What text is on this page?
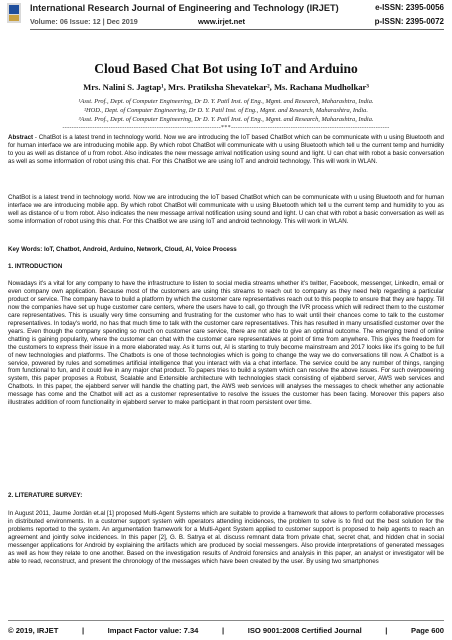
International Research Journal of Engineering and Technology (IRJET)	e-ISSN: 2395-0056
Volume: 06 Issue: 12 | Dec 2019	www.irjet.net	p-ISSN: 2395-0072
Cloud Based Chat Bot using IoT and Arduino
Mrs. Nalini S. Jagtap¹, Mrs. Pratiksha Shevatekar², Ms. Rachana Mudholkar³
¹Asst. Prof., Dept. of Computer Engineering, Dr D. Y. Patil Inst. of Eng., Mgmt. and Research, Maharashtra, India.
²HOD., Dept. of Computer Engineering, Dr D. Y. Patil Inst. of Eng., Mgmt. and Research, Maharashtra, India.
³Asst. Prof., Dept. of Computer Engineering, Dr D. Y. Patil Inst. of Eng., Mgmt. and Research, Maharashtra, India.
---------------------------------------------------------------------***---------------------------------------------------------------------
Abstract - ChatBot is a latest trend in technology world. Now we are introducing the IoT based ChatBot which can be communicate with u using Bluetooth and for human interface we are introducing mobile app. By which robot ChatBot will communicate with u using Bluetooth which tell u the current temp and humidity to you as well as distance of u from robot. Also indicates the new message arrival notification using sound and light. U can chat with robot a basic conversation as well as some information of robot using this chat. For this ChatBot we are using IoT and android technology. This will work in WLAN.
ChatBot is a latest trend in technology world. Now we are introducing the IoT based ChatBot which can be communicate with u using Bluetooth and for human interface we are introducing mobile app. By which robot ChatBot will communicate with u using Bluetooth which tell u the current temp and humidity to you as well as distance of u from robot. Also indicates the new message arrival notification using sound and light. U can chat with robot a basic conversation as well as some information of robot using this chat. For this ChatBot we are using IoT and android technology. This will work in WLAN.
Key Words: IoT, Chatbot, Android, Arduino, Network, Cloud, AI, Voice Process
1. INTRODUCTION
Nowadays it's a vital for any company to have the infrastructure to listen to social media streams whether it's twitter, Facebook, messenger, LinkedIn, email or even company own application. Because most of the customers are using this streams to reach out to company as they need help regarding a particular product or service. The company have to build a platform by which the customer care representatives reach out to this people to ensure that they are happy. Till now the companies have set up huge customer care centers, where the users have to call, go through the IVR process which will redirect them to the customer care representatives. This is usually very time consuming and frustrating for the customer who has to wait until their chances come to talk to the customer representatives. In today's world, no has that much time to talk with the customer care representatives. This has resulted in many unsatisfied customer over the years. Even though the company spending so much on customer care service, there are not able to give an optimal outcome. The emerging trend of online chatting is gaining popularity, where the customer can chat with the customer care representatives at point of time from anywhere. This gives the freedom for the customers to express their issue in a more elaborated way. As it turns out, AI is starting to truly become mainstream and 2017 looks like it's going to be full of new technologies and platforms. The Chatbots is one of those technologies which is going to change the way we do conversations till now. A Chatbot is a service, powered by rules and sometimes artificial intelligence that you interact with via a chat interface. The service could be any number of things, ranging from functional to fun, and it could live in any major chat product. To papers tries to build a system which can resolve the above issues. For such overpowering system, this paper proposes a Robust, Scalable and Extensible architecture with technologies stack consisting of ejabberd server, AWS web services and Chatbots. In this paper, the ejabberd server will handle the chatting part, the AWS web services will analyses the messages to check whether any actionable message has come and the Chatbot will act as a customer representative to resolve the issues the customer has been facing. Moreover this papers also illustrates addition of room functionality in ejabberd server to make participant in that room persistent over time.
2. LITERATURE SURVEY:
In August 2011, Jaume Jordán et.al [1] proposed Multi-Agent Systems which are suitable to provide a framework that allows to perform collaborative processes in distributed environments. In a customer support system with operators attending incidences, the problem to solve is to find out the best solution for the problems reported to the system. An argumentation framework for a Multi-Agent System applied to customer support is proposed to help agents to reach an agreement and jointly solve incidences. In this paper [2], G. B. Satrya et al. discuss remnant data from private chat, secret chat, and hidden chat in social messenger applications for Android by explaining the artifacts which are produced by social messengers. Also provide interpretations of generated messages as well as how they relate to one another. Based on the investigation results of Android forensics and analysis in this paper, an analyst or investigator will be able to read, reconstruct, and present the chronology of the messages which have been created by the user. By using two smartphones
© 2019, IRJET	|	Impact Factor value: 7.34	|	ISO 9001:2008 Certified Journal	|	Page 600
